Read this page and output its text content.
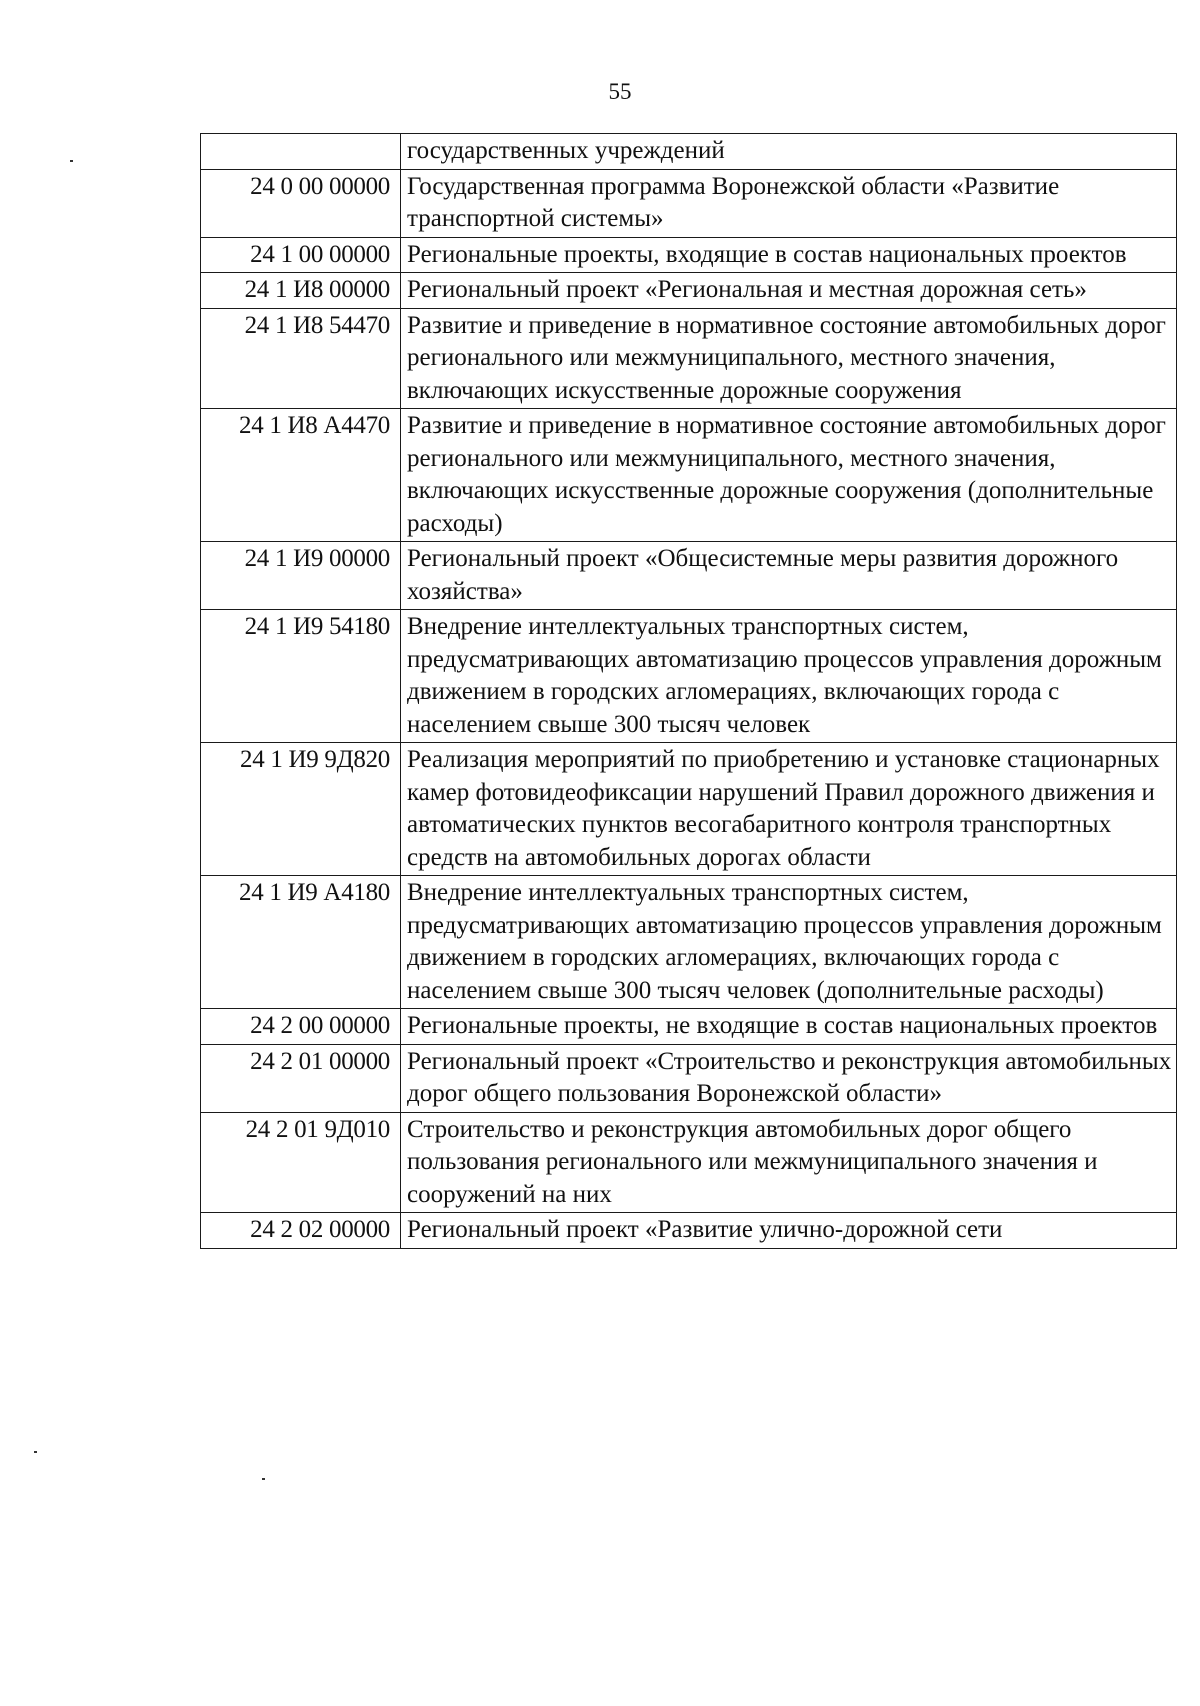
55
	государственных учреждений
24 0 00 00000	Государственная программа Воронежской области «Развитие транспортной системы»
24 1 00 00000	Региональные проекты, входящие в состав национальных проектов
24 1 И8 00000	Региональный проект «Региональная и местная дорожная сеть»
24 1 И8 54470	Развитие и приведение в нормативное состояние автомобильных дорог регионального или межмуниципального, местного значения, включающих искусственные дорожные сооружения
24 1 И8 А4470	Развитие и приведение в нормативное состояние автомобильных дорог регионального или межмуниципального, местного значения, включающих искусственные дорожные сооружения (дополнительные расходы)
24 1 И9 00000	Региональный проект «Общесистемные меры развития дорожного хозяйства»
24 1 И9 54180	Внедрение интеллектуальных транспортных систем, предусматривающих автоматизацию процессов управления дорожным движением в городских агломерациях, включающих города с населением свыше 300 тысяч человек
24 1 И9 9Д820	Реализация мероприятий по приобретению и установке стационарных камер фотовидеофиксации нарушений Правил дорожного движения и автоматических пунктов весогабаритного контроля транспортных средств на автомобильных дорогах области
24 1 И9 А4180	Внедрение интеллектуальных транспортных систем, предусматривающих автоматизацию процессов управления дорожным движением в городских агломерациях, включающих города с населением свыше 300 тысяч человек (дополнительные расходы)
24 2 00 00000	Региональные проекты, не входящие в состав национальных проектов
24 2 01 00000	Региональный проект «Строительство и реконструкция автомобильных дорог общего пользования Воронежской области»
24 2 01 9Д010	Строительство и реконструкция автомобильных дорог общего пользования регионального или межмуниципального значения и сооружений на них
24 2 02 00000	Региональный проект «Развитие улично-дорожной сети
